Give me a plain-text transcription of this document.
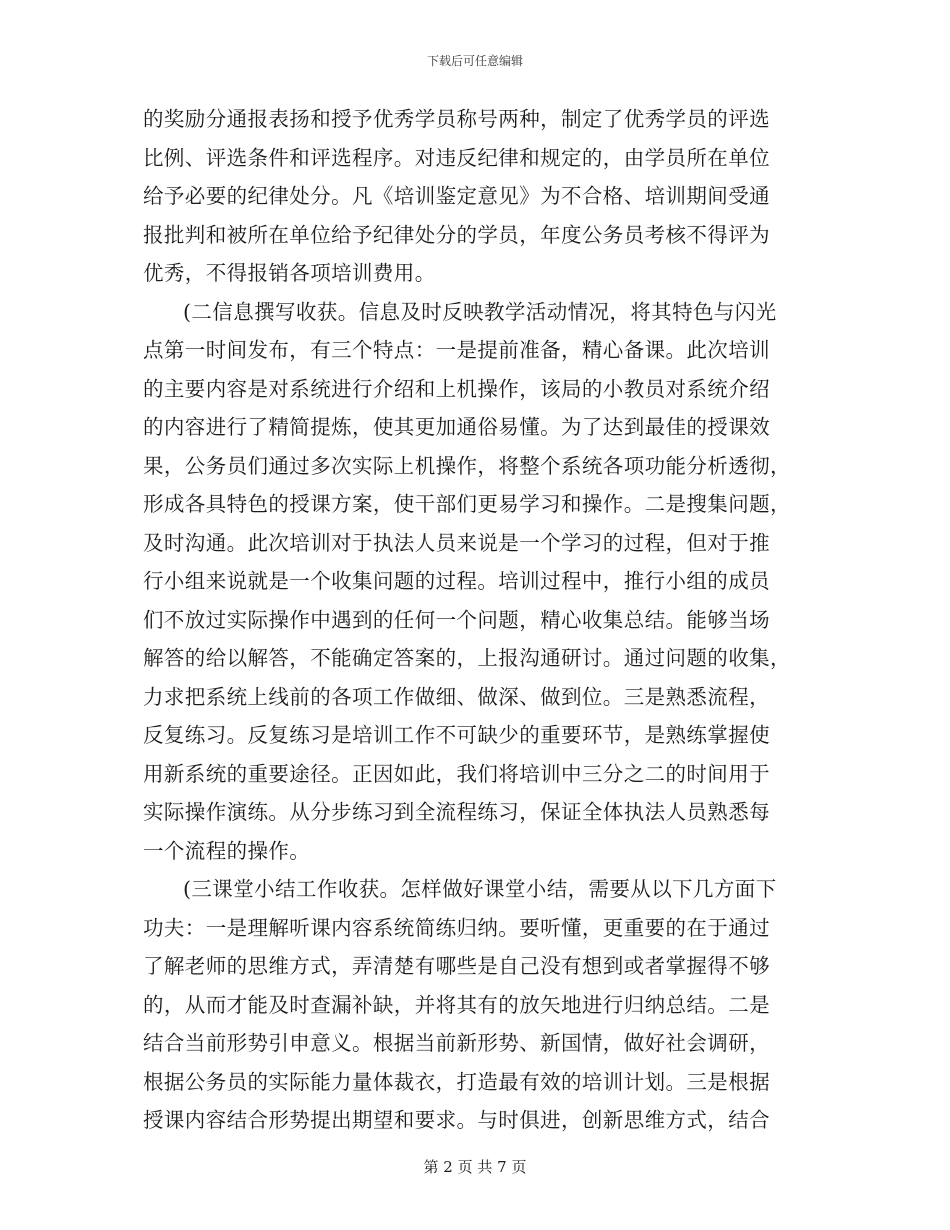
下载后可任意编辑
的奖励分通报表扬和授予优秀学员称号两种，制定了优秀学员的评选
比例、评选条件和评选程序。对违反纪律和规定的，由学员所在单位
给予必要的纪律处分。凡《培训鉴定意见》为不合格、培训期间受通
报批判和被所在单位给予纪律处分的学员，年度公务员考核不得评为
优秀，不得报销各项培训费用。
(二信息撰写收获。信息及时反映教学活动情况，将其特色与闪光
点第一时间发布，有三个特点：一是提前准备，精心备课。此次培训
的主要内容是对系统进行介绍和上机操作，该局的小教员对系统介绍
的内容进行了精简提炼，使其更加通俗易懂。为了达到最佳的授课效
果，公务员们通过多次实际上机操作，将整个系统各项功能分析透彻，
形成各具特色的授课方案，使干部们更易学习和操作。二是搜集问题，
及时沟通。此次培训对于执法人员来说是一个学习的过程，但对于推
行小组来说就是一个收集问题的过程。培训过程中，推行小组的成员
们不放过实际操作中遇到的任何一个问题，精心收集总结。能够当场
解答的给以解答，不能确定答案的，上报沟通研讨。通过问题的收集，
力求把系统上线前的各项工作做细、做深、做到位。三是熟悉流程，
反复练习。反复练习是培训工作不可缺少的重要环节，是熟练掌握使
用新系统的重要途径。正因如此，我们将培训中三分之二的时间用于
实际操作演练。从分步练习到全流程练习，保证全体执法人员熟悉每
一个流程的操作。
(三课堂小结工作收获。怎样做好课堂小结，需要从以下几方面下
功夫：一是理解听课内容系统简练归纳。要听懂，更重要的在于通过
了解老师的思维方式，弄清楚有哪些是自己没有想到或者掌握得不够
的，从而才能及时查漏补缺，并将其有的放矢地进行归纳总结。二是
结合当前形势引申意义。根据当前新形势、新国情，做好社会调研，
根据公务员的实际能力量体裁衣，打造最有效的培训计划。三是根据
授课内容结合形势提出期望和要求。与时俱进，创新思维方式，结合
第 2 页 共 7 页
